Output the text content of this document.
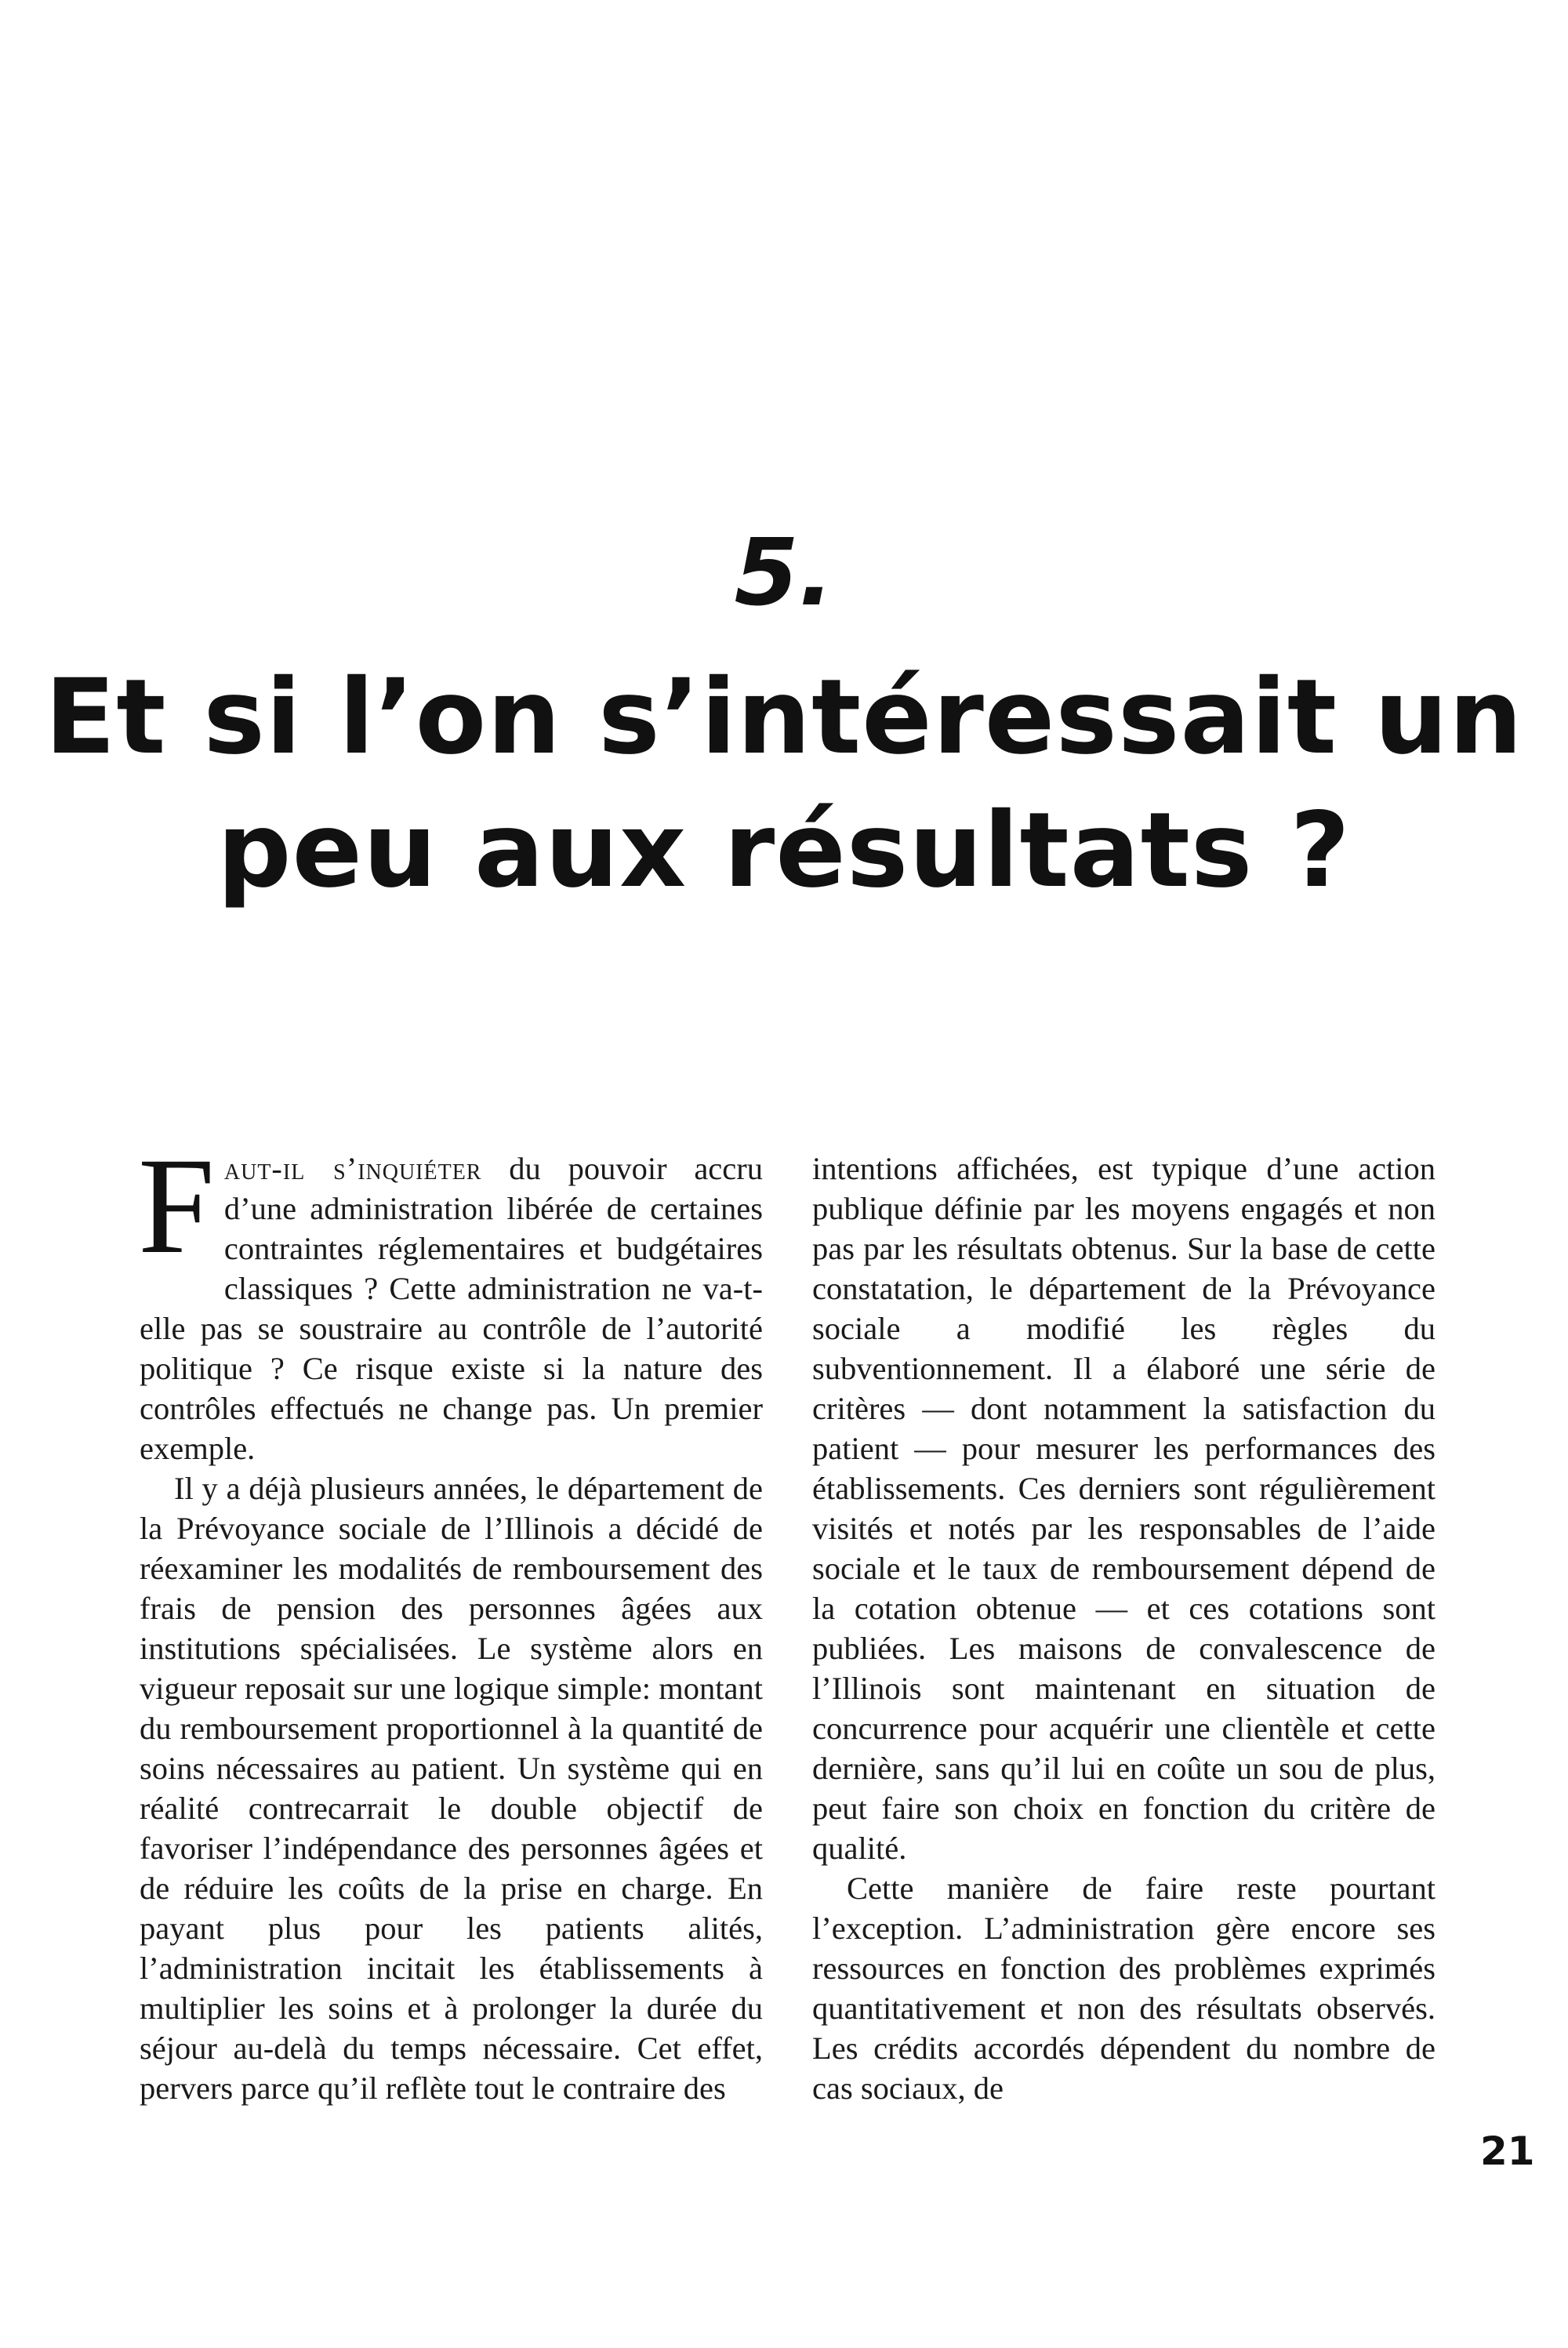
5.
Et si l’on s’intéressait un peu aux résultats ?

Faut-il s’inquiéter du pouvoir accru d’une administration libérée de certaines contraintes réglementaires et budgétaires classiques ? Cette administration ne va-t-elle pas se soustraire au contrôle de l’autorité politique ? Ce risque existe si la nature des contrôles effectués ne change pas. Un premier exemple.

Il y a déjà plusieurs années, le département de la Prévoyance sociale de l’Illinois a décidé de réexaminer les modalités de remboursement des frais de pension des personnes âgées aux institutions spécialisées. Le système alors en vigueur reposait sur une logique simple: montant du remboursement proportionnel à la quantité de soins nécessaires au patient. Un système qui en réalité contrecarrait le double objectif de favoriser l’indépendance des personnes âgées et de réduire les coûts de la prise en charge. En payant plus pour les patients alités, l’administration incitait les établissements à multiplier les soins et à prolonger la durée du séjour au-delà du temps nécessaire. Cet effet, pervers parce qu’il reflète tout le contraire des

intentions affichées, est typique d’une action publique définie par les moyens engagés et non pas par les résultats obtenus. Sur la base de cette constatation, le département de la Prévoyance sociale a modifié les règles du subventionnement. Il a élaboré une série de critères — dont notamment la satisfaction du patient — pour mesurer les performances des établissements. Ces derniers sont régulièrement visités et notés par les responsables de l’aide sociale et le taux de remboursement dépend de la cotation obtenue — et ces cotations sont publiées. Les maisons de convalescence de l’Illinois sont maintenant en situation de concurrence pour acquérir une clientèle et cette dernière, sans qu’il lui en coûte un sou de plus, peut faire son choix en fonction du critère de qualité.

Cette manière de faire reste pourtant l’exception. L’administration gère encore ses ressources en fonction des problèmes exprimés quantitativement et non des résultats observés. Les crédits accordés dépendent du nombre de cas sociaux, de

21
